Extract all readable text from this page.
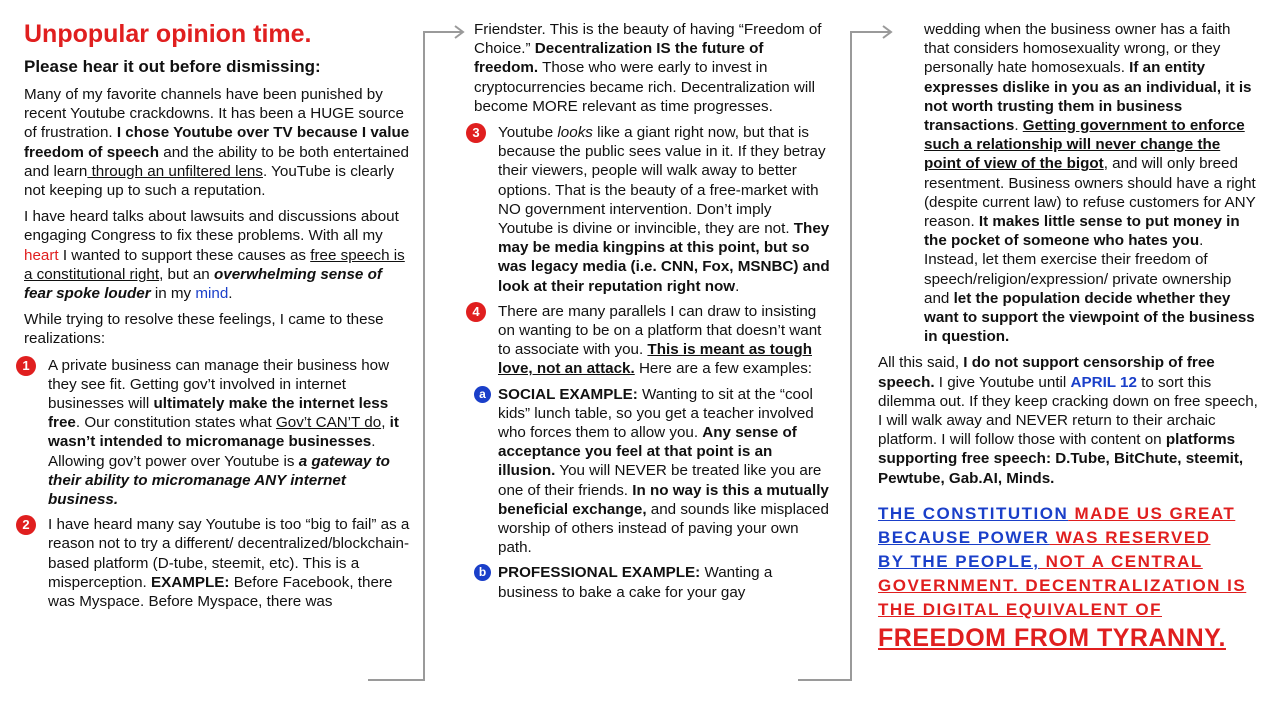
Unpopular opinion time.

Please hear it out before dismissing:

Many of my favorite channels have been punished by recent Youtube crackdowns. It has been a HUGE source of frustration. I chose Youtube over TV because I value freedom of speech and the ability to be both entertained and learn through an unfiltered lens. YouTube is clearly not keeping up to such a reputation.

I have heard talks about lawsuits and discussions about engaging Congress to fix these problems. With all my heart I wanted to support these causes as free speech is a constitutional right, but an overwhelming sense of fear spoke louder in my mind.

While trying to resolve these feelings, I came to these realizations:

1	A private business can manage their business how they see fit. Getting gov’t involved in internet businesses will ultimately make the internet less free. Our constitution states what Gov’t CAN’T do, it wasn’t intended to micromanage businesses. Allowing gov’t power over Youtube is a gateway to their ability to micromanage ANY internet business.
2	I have heard many say Youtube is too “big to fail” as a reason not to try a different/ decentralized/blockchain-based platform (D-tube, steemit, etc). This is a misperception. EXAMPLE: Before Facebook, there was Myspace. Before Myspace, there was

Friendster. This is the beauty of having “Freedom of Choice.” Decentralization IS the future of freedom. Those who were early to invest in cryptocurrencies became rich. Decentralization will become MORE relevant as time progresses.

3	Youtube looks like a giant right now, but that is because the public sees value in it. If they betray their viewers, people will walk away to better options. That is the beauty of a free-market with NO government intervention. Don’t imply Youtube is divine or invincible, they are not. They may be media kingpins at this point, but so was legacy media (i.e. CNN, Fox, MSNBC) and look at their reputation right now.
4	There are many parallels I can draw to insisting on wanting to be on a platform that doesn’t want to associate with you. This is meant as tough love, not an attack. Here are a few examples:
a SOCIAL EXAMPLE: Wanting to sit at the “cool kids” lunch table, so you get a teacher involved who forces them to allow you. Any sense of acceptance you feel at that point is an illusion. You will NEVER be treated like you are one of their friends. In no way is this a mutually beneficial exchange, and sounds like misplaced worship of others instead of paving your own path.
b PROFESSIONAL EXAMPLE: Wanting a business to bake a cake for your gay

wedding when the business owner has a faith that considers homosexuality wrong, or they personally hate homosexuals. If an entity expresses dislike in you as an individual, it is not worth trusting them in business transactions. Getting government to enforce such a relationship will never change the point of view of the bigot, and will only breed resentment. Business owners should have a right (despite current law) to refuse customers for ANY reason. It makes little sense to put money in the pocket of someone who hates you. Instead, let them exercise their freedom of speech/religion/expression/ private ownership and let the population decide whether they want to support the viewpoint of the business in question.

All this said, I do not support censorship of free speech. I give Youtube until APRIL 12 to sort this dilemma out. If they keep cracking down on free speech, I will walk away and NEVER return to their archaic platform. I will follow those with content on platforms supporting free speech: D.Tube, BitChute, steemit, Pewtube, Gab.AI, Minds.

THE CONSTITUTION MADE US GREAT
BECAUSE POWER WAS RESERVED
BY THE PEOPLE, NOT A CENTRAL
GOVERNMENT. DECENTRALIZATION IS
THE DIGITAL EQUIVALENT OF
FREEDOM FROM TYRANNY.
